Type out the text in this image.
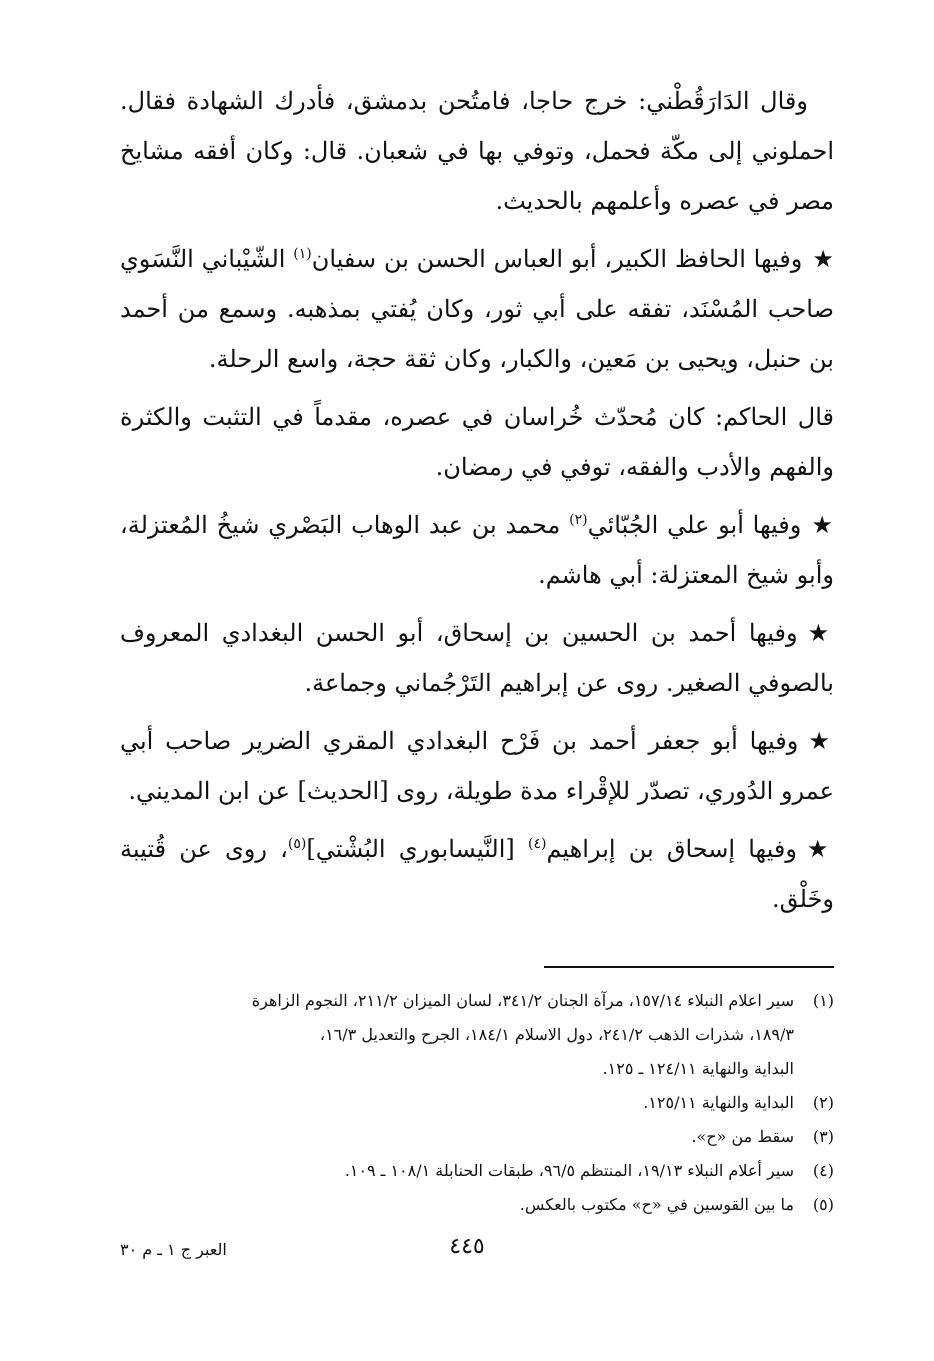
وقال الدَارَقُطْني: خرج حاجا، فامتُحن بدمشق، فأدرك الشهادة فقال. احملوني إلى مكّة فحمل، وتوفي بها في شعبان. قال: وكان أفقه مشايخ مصر في عصره وأعلمهم بالحديث.

★وفيها الحافظ الكبير، أبو العباس الحسن بن سفيان$^{(١)}$ الشّيْباني النَّسَوي صاحب المُسْنَد، تفقه على أبي ثور، وكان يُفتي بمذهبه. وسمع من أحمد بن حنبل، ويحيى بن مَعين، والكبار، وكان ثقة حجة، واسع الرحلة.

قال الحاكم: كان مُحدّث خُراسان في عصره، مقدماً في التثبت والكثرة والفهم والأدب والفقه، توفي في رمضان.

★وفيها أبو علي الجُبّائي$^{(٢)}$ محمد بن عبد الوهاب البَصْري شيخُ المُعتزلة، وأبو شيخ المعتزلة: أبي هاشم.

★وفيها أحمد بن الحسين بن إسحاق، أبو الحسن البغدادي المعروف بالصوفي الصغير. روى عن إبراهيم التَرْجُماني وجماعة.

★وفيها أبو جعفر أحمد بن فَرْح البغدادي المقري الضرير صاحب أبي عمرو الدُوري، تصدّر للإقْراء مدة طويلة، روى [الحديث] عن ابن المديني.

★وفيها إسحاق بن إبراهيم$^{(٤)}$ [النَّيسابوري البُشْتي]$^{(٥)}$، روى عن قُتيبة وخَلْق.

(١)سير اعلام النبلاء ١٥٧/١٤، مرآة الجنان ٣٤١/٢، لسان الميزان ٢١١/٢، النجوم الزاهرة

١٨٩/٣، شذرات الذهب ٢٤١/٢، دول الاسلام ١٨٤/١، الجرح والتعديل ١٦/٣،

البداية والنهاية ١٢٤/١١ ـ ١٢٥.

(٢)البداية والنهاية ١٢٥/١١.

(٣)سقط من «ح».

(٤)سير أعلام النبلاء ١٩/١٣، المنتظم ٩٦/٥، طبقات الحنابلة ١٠٨/١ ـ ١٠٩.

(٥)ما بين القوسين في «ح» مكتوب بالعكس.

٤٤٥
العبر ج ١ ـ م ٣٠
